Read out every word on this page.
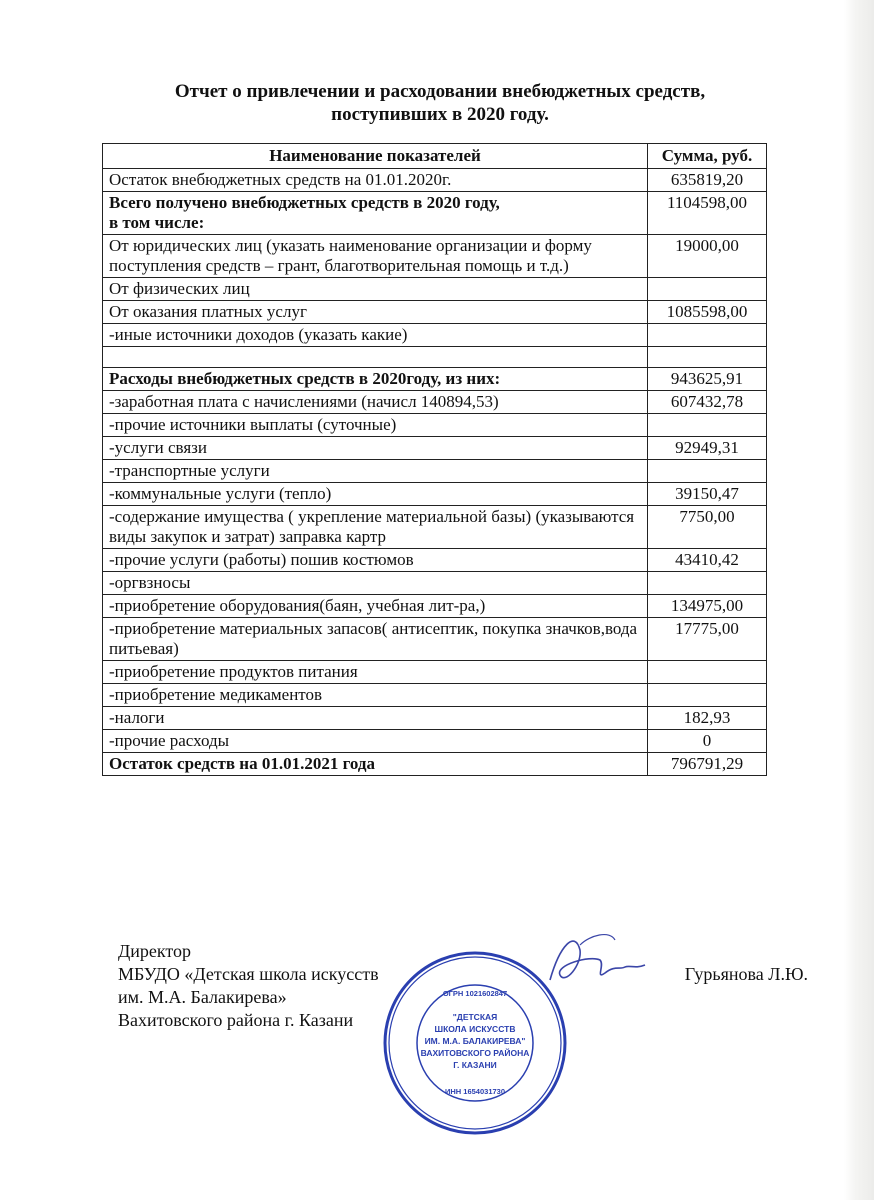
Отчет о привлечении и расходовании внебюджетных средств,
поступивших в 2020 году.
Наименование показателей	Сумма, руб.
Остаток внебюджетных средств на 01.01.2020г.	635819,20
Всего получено внебюджетных средств в 2020 году,
в том числе:	1104598,00
От юридических лиц (указать наименование организации и форму поступления средств – грант, благотворительная помощь и т.д.)	19000,00
От физических лиц	
От оказания платных услуг	1085598,00
-иные источники доходов (указать какие)	

Расходы внебюджетных средств в 2020году, из них:	943625,91
-заработная плата с начислениями (начисл 140894,53)	607432,78
-прочие источники выплаты (суточные)	
-услуги связи	92949,31
-транспортные услуги	
-коммунальные услуги (тепло)	39150,47
-содержание имущества ( укрепление материальной базы) (указываются виды закупок и затрат) заправка картр	7750,00
-прочие услуги (работы) пошив костюмов	43410,42
-оргвзносы	
-приобретение оборудования(баян, учебная лит-ра,)	134975,00
-приобретение материальных запасов( антисептик, покупка значков,вода питьевая)	17775,00
-приобретение продуктов питания	
-приобретение медикаментов	
-налоги	182,93
-прочие расходы	0
Остаток средств на 01.01.2021 года	796791,29
ОГРН 1021602847
"ДЕТСКАЯ
ШКОЛА ИСКУССТВ
ИМ. М.А. БАЛАКИРЕВА"
ВАХИТОВСКОГО РАЙОНА
Г. КАЗАНИ
ИНН 1654031730
Директор
МБУДО «Детская школа искусств	Гурьянова Л.Ю.
им. М.А. Балакирева»
Вахитовского района г. Казани
